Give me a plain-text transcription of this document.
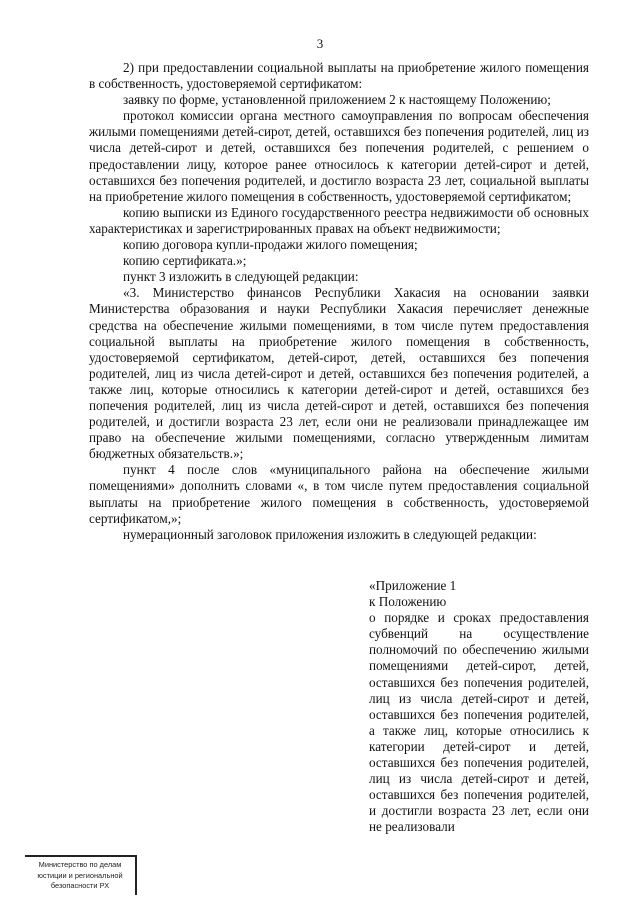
3

2) при предоставлении социальной выплаты на приобретение жилого помещения в собственность, удостоверяемой сертификатом:

заявку по форме, установленной приложением 2 к настоящему Положению;

протокол комиссии органа местного самоуправления по вопросам обеспечения жилыми помещениями детей-сирот, детей, оставшихся без попечения родителей, лиц из числа детей-сирот и детей, оставшихся без попечения родителей, с решением о предоставлении лицу, которое ранее относилось к категории детей-сирот и детей, оставшихся без попечения родителей, и достигло возраста 23 лет, социальной выплаты на приобретение жилого помещения в собственность, удостоверяемой сертификатом;

копию выписки из Единого государственного реестра недвижимости об основных характеристиках и зарегистрированных правах на объект недвижимости;

копию договора купли-продажи жилого помещения;

копию сертификата.»;

пункт 3 изложить в следующей редакции:

«3. Министерство финансов Республики Хакасия на основании заявки Министерства образования и науки Республики Хакасия перечисляет денежные средства на обеспечение жилыми помещениями, в том числе путем предоставления социальной выплаты на приобретение жилого помещения в собственность, удостоверяемой сертификатом, детей-сирот, детей, оставшихся без попечения родителей, лиц из числа детей-сирот и детей, оставшихся без попечения родителей, а также лиц, которые относились к категории детей-сирот и детей, оставшихся без попечения родителей, лиц из числа детей-сирот и детей, оставшихся без попечения родителей, и достигли возраста 23 лет, если они не реализовали принадлежащее им право на обеспечение жилыми помещениями, согласно утвержденным лимитам бюджетных обязательств.»;

пункт 4 после слов «муниципального района на обеспечение жилыми помещениями» дополнить словами «, в том числе путем предоставления социальной выплаты на приобретение жилого помещения в собственность, удостоверяемой сертификатом,»;

нумерационный заголовок приложения изложить в следующей редакции:

«Приложение 1

к Положению

о порядке и сроках предоставления субвенций на осуществление полномочий по обеспечению жилыми помещениями детей-сирот, детей, оставшихся без попечения родителей, лиц из числа детей-сирот и детей, оставшихся без попечения родителей, а также лиц, которые относились к категории детей-сирот и детей, оставшихся без попечения родителей, лиц из числа детей-сирот и детей, оставшихся без попечения родителей, и достигли возраста 23 лет, если они не реализовали

Министерство по делам
юстиции и региональной
безопасности РХ
